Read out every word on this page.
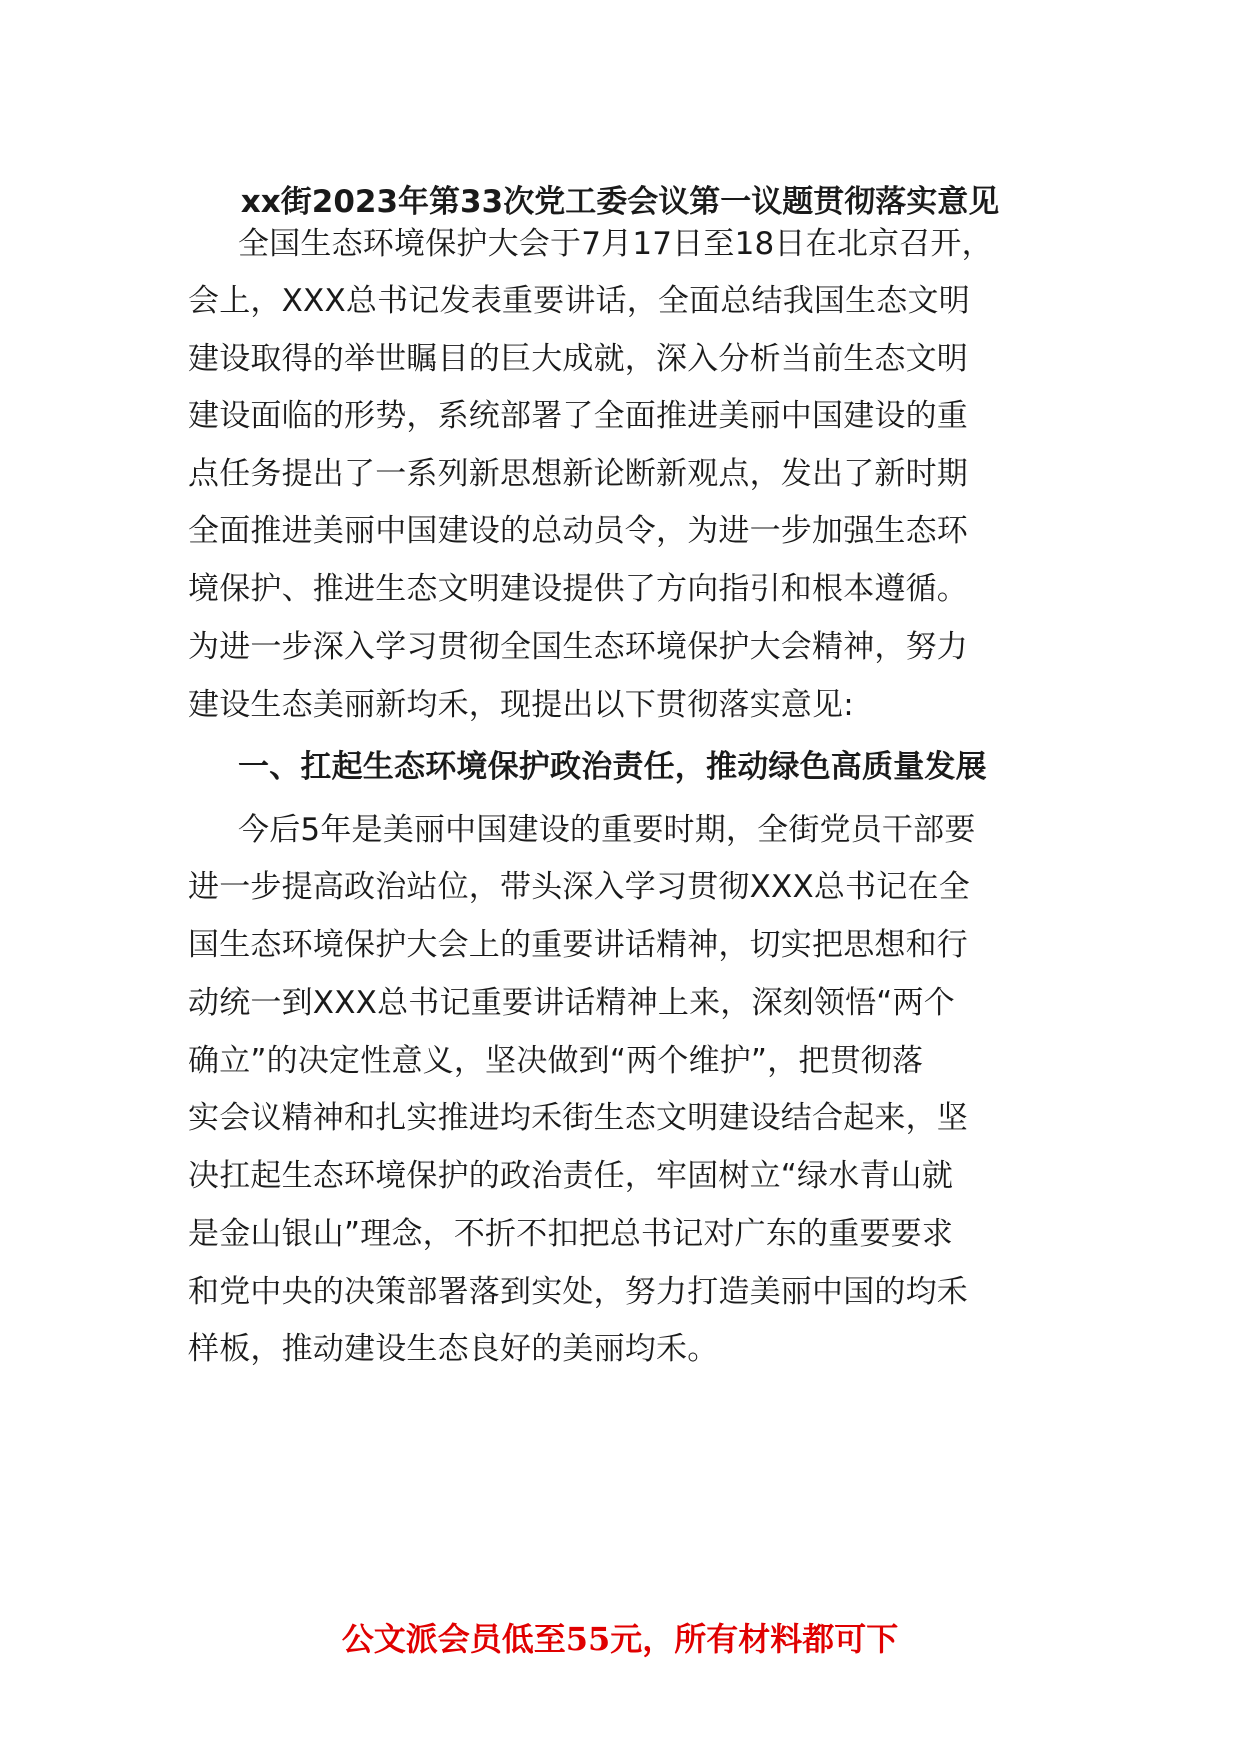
xx街2023年第33次党工委会议第一议题贯彻落实意见
全国生态环境保护大会于7月17日至18日在北京召开，
会上，XXX总书记发表重要讲话，全面总结我国生态文明
建设取得的举世瞩目的巨大成就，深入分析当前生态文明
建设面临的形势，系统部署了全面推进美丽中国建设的重
点任务提出了一系列新思想新论断新观点，发出了新时期
全面推进美丽中国建设的总动员令，为进一步加强生态环
境保护、推进生态文明建设提供了方向指引和根本遵循。
为进一步深入学习贯彻全国生态环境保护大会精神，努力
建设生态美丽新均禾，现提出以下贯彻落实意见:
一、扛起生态环境保护政治责任，推动绿色高质量发展
今后5年是美丽中国建设的重要时期，全街党员干部要
进一步提高政治站位，带头深入学习贯彻XXX总书记在全
国生态环境保护大会上的重要讲话精神，切实把思想和行
动统一到XXX总书记重要讲话精神上来，深刻领悟“两个
确立”的决定性意义，坚决做到“两个维护”，把贯彻落
实会议精神和扎实推进均禾街生态文明建设结合起来，坚
决扛起生态环境保护的政治责任，牢固树立“绿水青山就
是金山银山”理念，不折不扣把总书记对广东的重要要求
和党中央的决策部署落到实处，努力打造美丽中国的均禾
样板，推动建设生态良好的美丽均禾。
公文派会员低至55元，所有材料都可下
